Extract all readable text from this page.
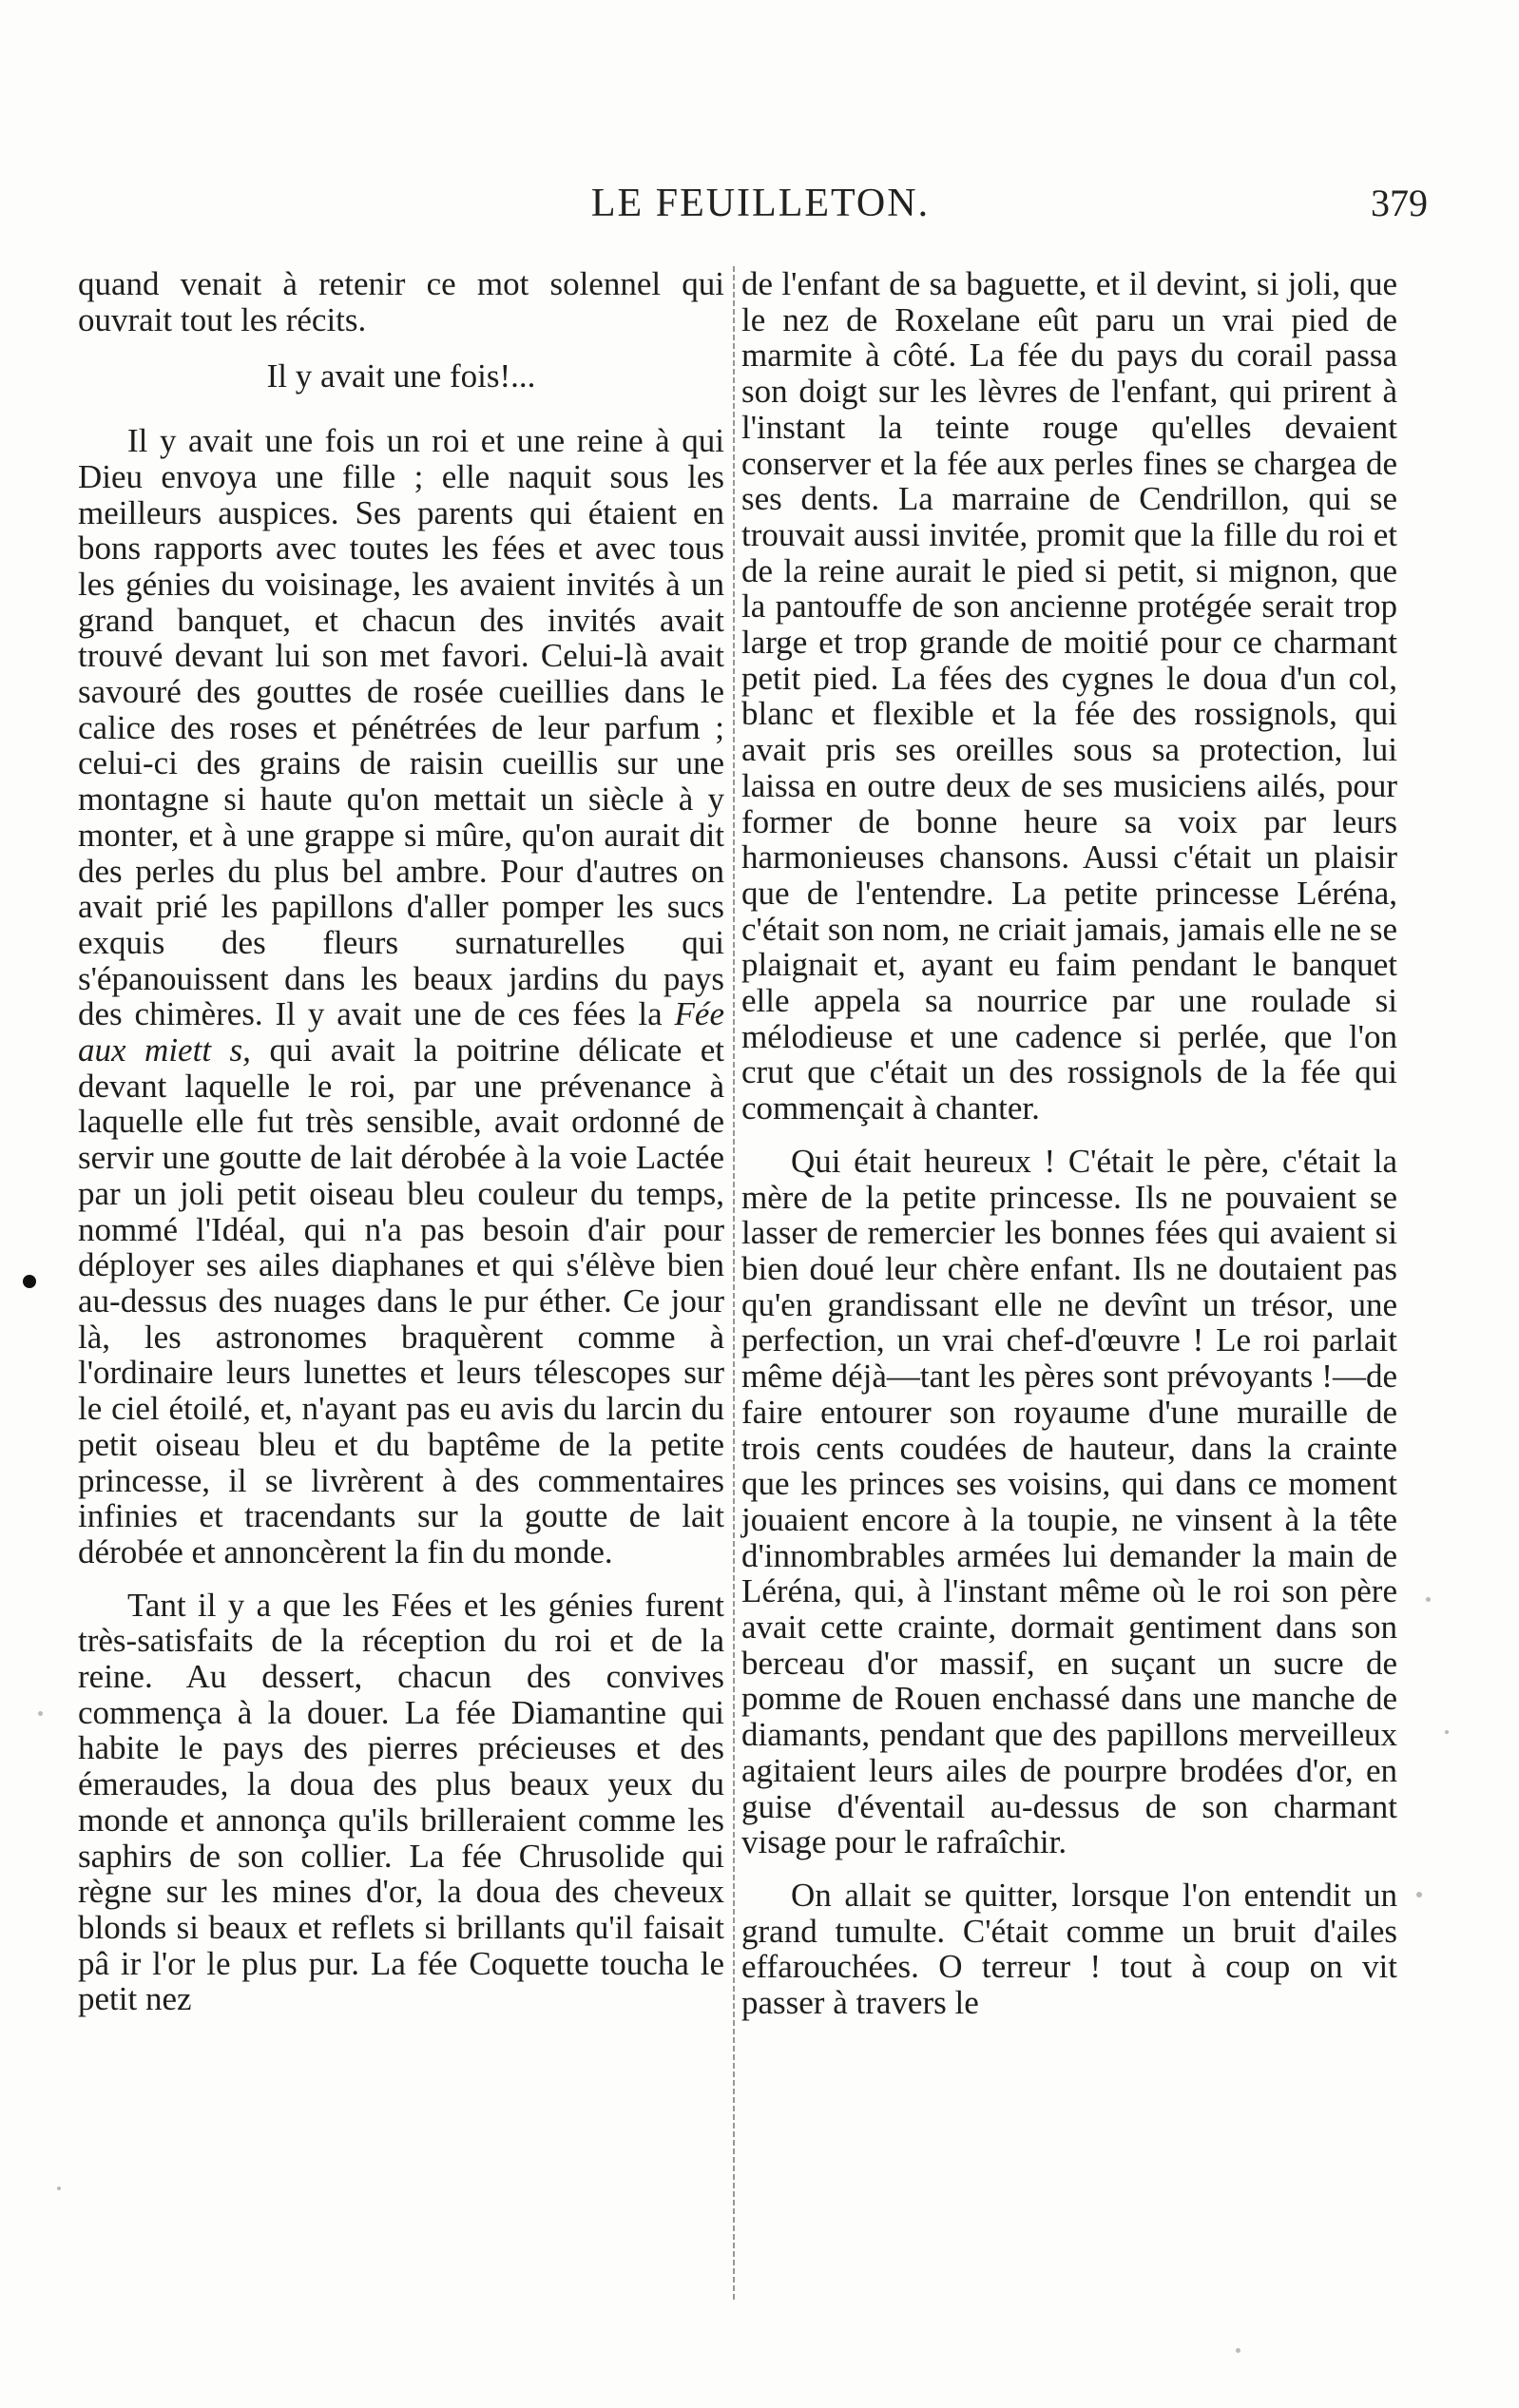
LE FEUILLETON.	379

quand venait à retenir ce mot solennel qui ouvrait tout les récits.

Il y avait une fois!...

Il y avait une fois un roi et une reine à qui Dieu envoya une fille ; elle naquit sous les meilleurs auspices. Ses parents qui étaient en bons rapports avec toutes les fées et avec tous les génies du voisinage, les avaient invités à un grand banquet, et chacun des invités avait trouvé devant lui son met favori. Celui-là avait savouré des gouttes de rosée cueillies dans le calice des roses et pénétrées de leur parfum ; celui-ci des grains de raisin cueillis sur une montagne si haute qu'on mettait un siècle à y monter, et à une grappe si mûre, qu'on aurait dit des perles du plus bel ambre. Pour d'autres on avait prié les papillons d'aller pomper les sucs exquis des fleurs surnaturelles qui s'épanouissent dans les beaux jardins du pays des chimères. Il y avait une de ces fées la Fée aux miett s, qui avait la poitrine délicate et devant laquelle le roi, par une prévenance à laquelle elle fut très sensible, avait ordonné de servir une goutte de lait dérobée à la voie Lactée par un joli petit oiseau bleu couleur du temps, nommé l'Idéal, qui n'a pas besoin d'air pour déployer ses ailes diaphanes et qui s'élève bien au-dessus des nuages dans le pur éther. Ce jour là, les astronomes braquèrent comme à l'ordinaire leurs lunettes et leurs télescopes sur le ciel étoilé, et, n'ayant pas eu avis du larcin du petit oiseau bleu et du baptême de la petite princesse, il se livrèrent à des commentaires infinies et tracendants sur la goutte de lait dérobée et annoncèrent la fin du monde.

Tant il y a que les Fées et les génies furent très-satisfaits de la réception du roi et de la reine. Au dessert, chacun des convives commença à la douer. La fée Diamantine qui habite le pays des pierres précieuses et des émeraudes, la doua des plus beaux yeux du monde et annonça qu'ils brilleraient comme les saphirs de son collier. La fée Chrusolide qui règne sur les mines d'or, la doua des cheveux blonds si beaux et reflets si brillants qu'il faisait pâ ir l'or le plus pur. La fée Coquette toucha le petit nez

de l'enfant de sa baguette, et il devint, si joli, que le nez de Roxelane eût paru un vrai pied de marmite à côté. La fée du pays du corail passa son doigt sur les lèvres de l'enfant, qui prirent à l'instant la teinte rouge qu'elles devaient conserver et la fée aux perles fines se chargea de ses dents. La marraine de Cendrillon, qui se trouvait aussi invitée, promit que la fille du roi et de la reine aurait le pied si petit, si mignon, que la pantouffe de son ancienne protégée serait trop large et trop grande de moitié pour ce charmant petit pied. La fées des cygnes le doua d'un col, blanc et flexible et la fée des rossignols, qui avait pris ses oreilles sous sa protection, lui laissa en outre deux de ses musiciens ailés, pour former de bonne heure sa voix par leurs harmonieuses chansons. Aussi c'était un plaisir que de l'entendre. La petite princesse Léréna, c'était son nom, ne criait jamais, jamais elle ne se plaignait et, ayant eu faim pendant le banquet elle appela sa nourrice par une roulade si mélodieuse et une cadence si perlée, que l'on crut que c'était un des rossignols de la fée qui commençait à chanter.

Qui était heureux ! C'était le père, c'était la mère de la petite princesse. Ils ne pouvaient se lasser de remercier les bonnes fées qui avaient si bien doué leur chère enfant. Ils ne doutaient pas qu'en grandissant elle ne devînt un trésor, une perfection, un vrai chef-d'œuvre ! Le roi parlait même déjà—tant les pères sont prévoyants !—de faire entourer son royaume d'une muraille de trois cents coudées de hauteur, dans la crainte que les princes ses voisins, qui dans ce moment jouaient encore à la toupie, ne vinsent à la tête d'innombrables armées lui demander la main de Léréna, qui, à l'instant même où le roi son père avait cette crainte, dormait gentiment dans son berceau d'or massif, en suçant un sucre de pomme de Rouen enchassé dans une manche de diamants, pendant que des papillons merveilleux agitaient leurs ailes de pourpre brodées d'or, en guise d'éventail au-dessus de son charmant visage pour le rafraîchir.

On allait se quitter, lorsque l'on entendit un grand tumulte. C'était comme un bruit d'ailes effarouchées. O terreur ! tout à coup on vit passer à travers le
